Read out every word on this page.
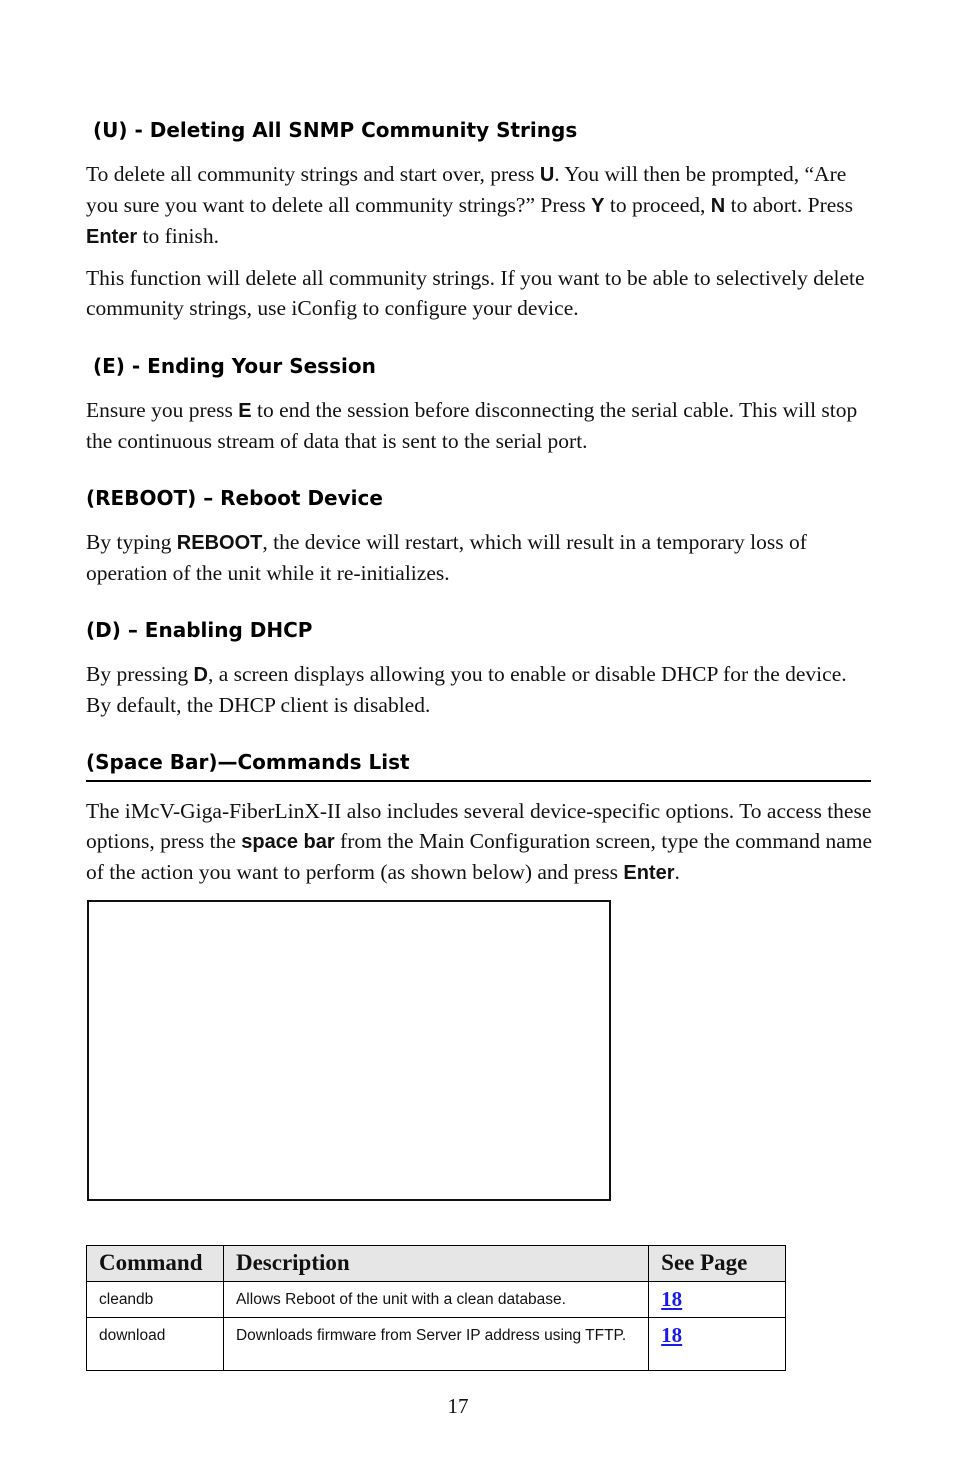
(U) - Deleting All SNMP Community Strings

To delete all community strings and start over, press U. You will then be prompted, “Are you sure you want to delete all community strings?” Press Y to proceed, N to abort. Press Enter to finish.

This function will delete all community strings. If you want to be able to selectively delete community strings, use iConfig to configure your device.

(E) - Ending Your Session

Ensure you press E to end the session before disconnecting the serial cable. This will stop the continuous stream of data that is sent to the serial port.

(REBOOT) – Reboot Device

By typing REBOOT, the device will restart, which will result in a temporary loss of operation of the unit while it re-initializes.

(D) – Enabling DHCP

By pressing D, a screen displays allowing you to enable or disable DHCP for the device. By default, the DHCP client is disabled.

(Space Bar)—Commands List

The iMcV-Giga-FiberLinX-II also includes several device-specific options. To access these options, press the space bar from the Main Configuration screen, type the command name of the action you want to perform (as shown below) and press Enter.

Command	Description	See Page
cleandb	Allows Reboot of the unit with a clean database.	18
download	Downloads firmware from Server IP address using TFTP.	18
17
